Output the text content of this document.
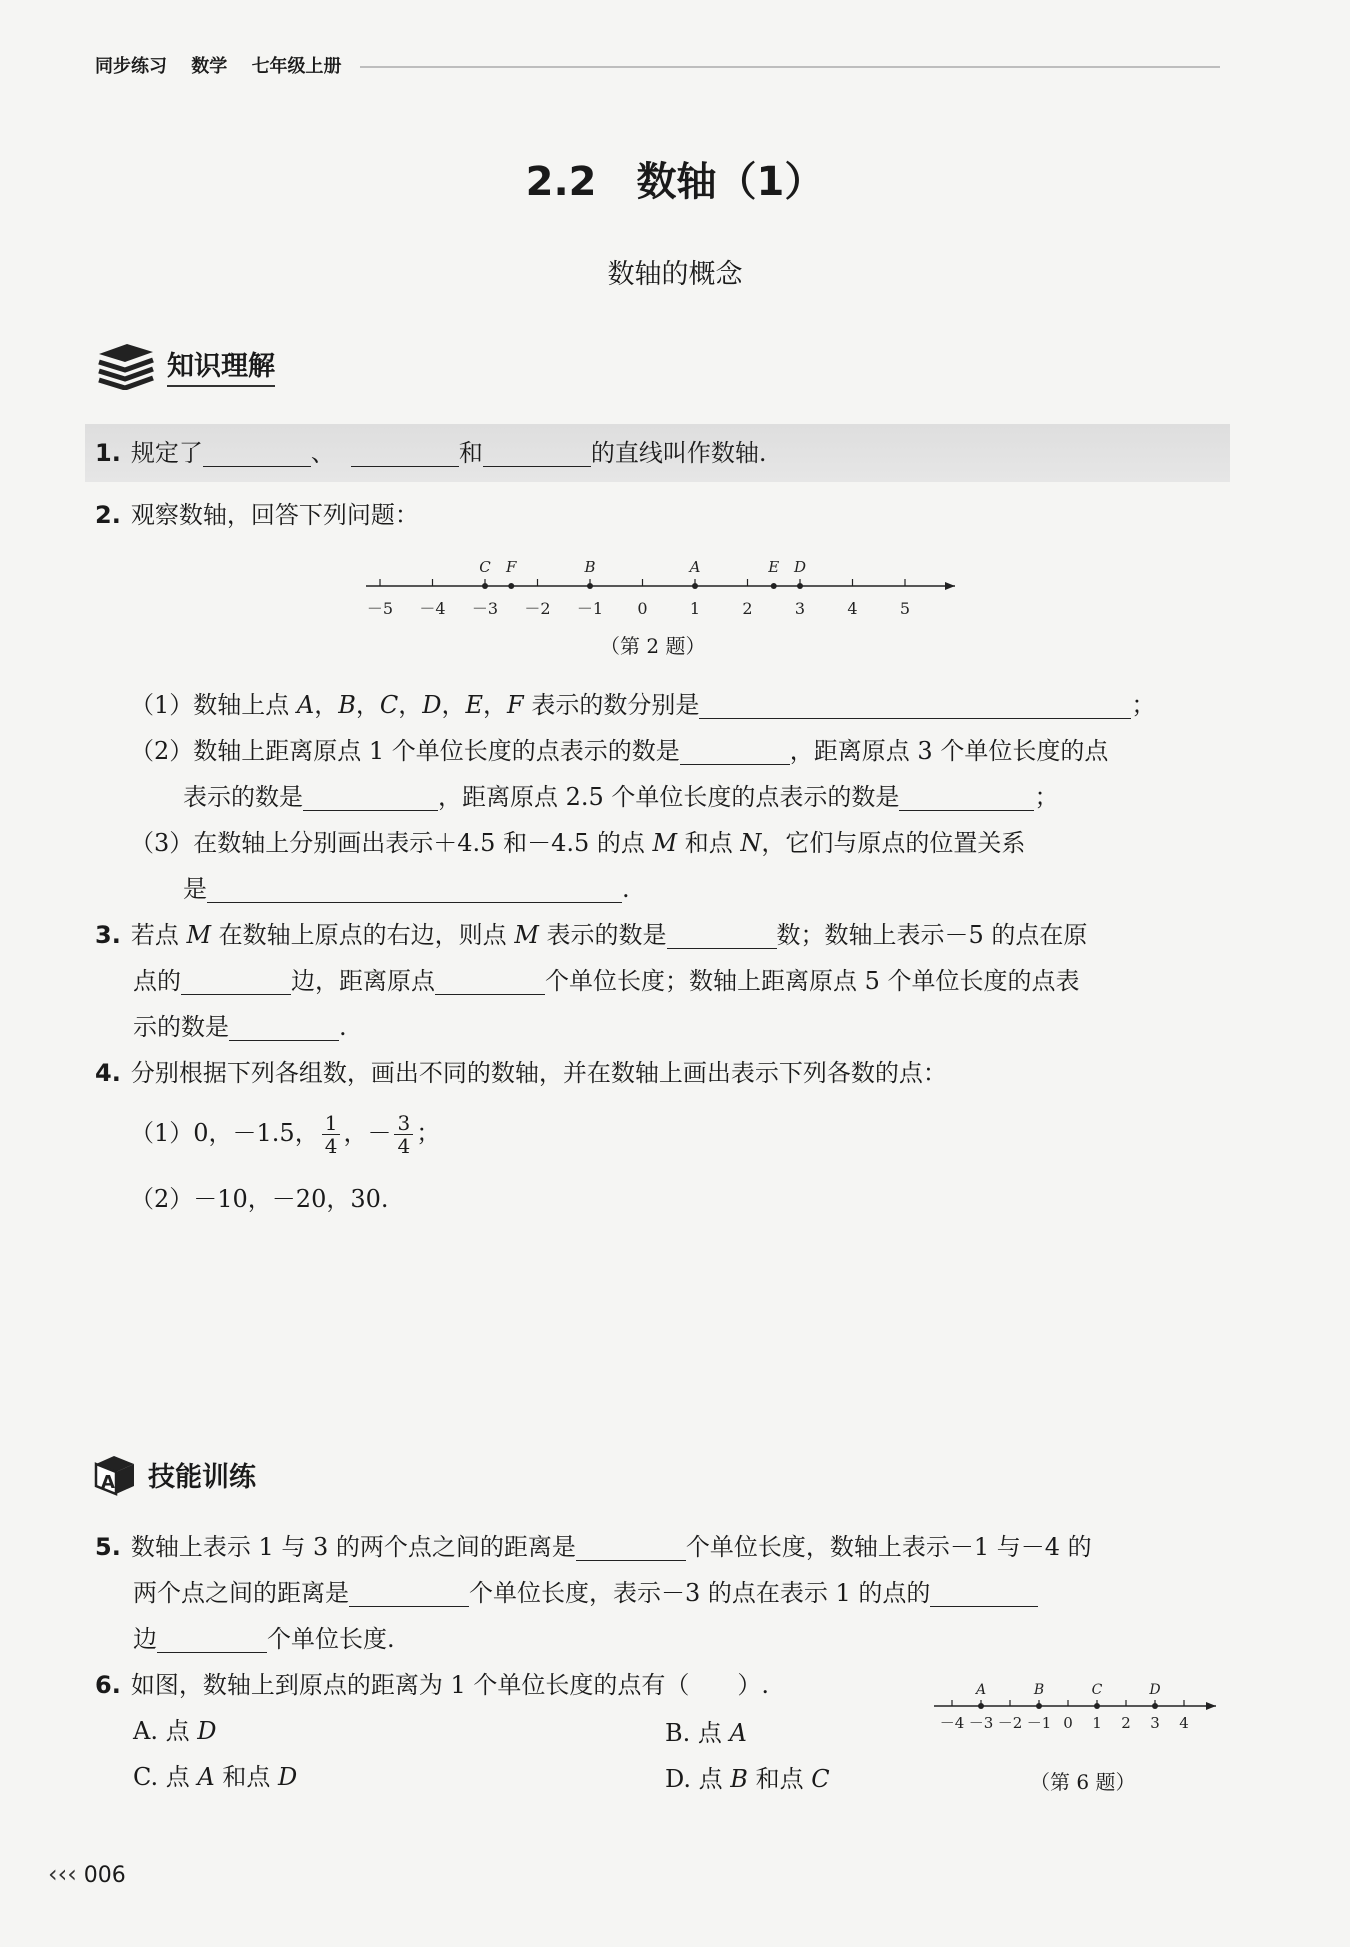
同步练习 数学 七年级上册
2.2　数轴（1）
数轴的概念
知识理解
1. 规定了	、	和	的直线叫作数轴.
2. 观察数轴，回答下列问题：
－5 －4 －3 －2 －1 0	1	2	3	4	5
C F	B	A	E D
（第 2 题）
（1）数轴上点 A，B，C，D，E，F 表示的数分别是	；
（2）数轴上距离原点 1 个单位长度的点表示的数是	，距离原点 3 个单位长度的点
表示的数是	，距离原点 2.5 个单位长度的点表示的数是	；
（3）在数轴上分别画出表示＋4.5 和－4.5 的点 M 和点 N，它们与原点的位置关系
是	.
3. 若点 M 在数轴上原点的右边，则点 M 表示的数是	数；数轴上表示－5 的点在原
点的	边，距离原点	个单位长度；数轴上距离原点 5 个单位长度的点表
示的数是	.
4. 分别根据下列各组数，画出不同的数轴，并在数轴上画出表示下列各数的点：
（1）0，－1.5， $\frac{1}{4}$ ，－ $\frac{3}{4}$ ；
（2）－10，－20，30.
A 技能训练
5. 数轴上表示 1 与 3 的两个点之间的距离是	个单位长度，数轴上表示－1 与－4 的
两个点之间的距离是	个单位长度，表示－3 的点在表示 1 的点的
边	个单位长度.
6. 如图，数轴上到原点的距离为 1 个单位长度的点有（　　）.
A. 点 D	B. 点 A
C. 点 A 和点 D	D. 点 B 和点 C
－4 －3 －2 －1 0 1 2 3 4
A	B	C	D
（第 6 题）
‹‹‹ 006
